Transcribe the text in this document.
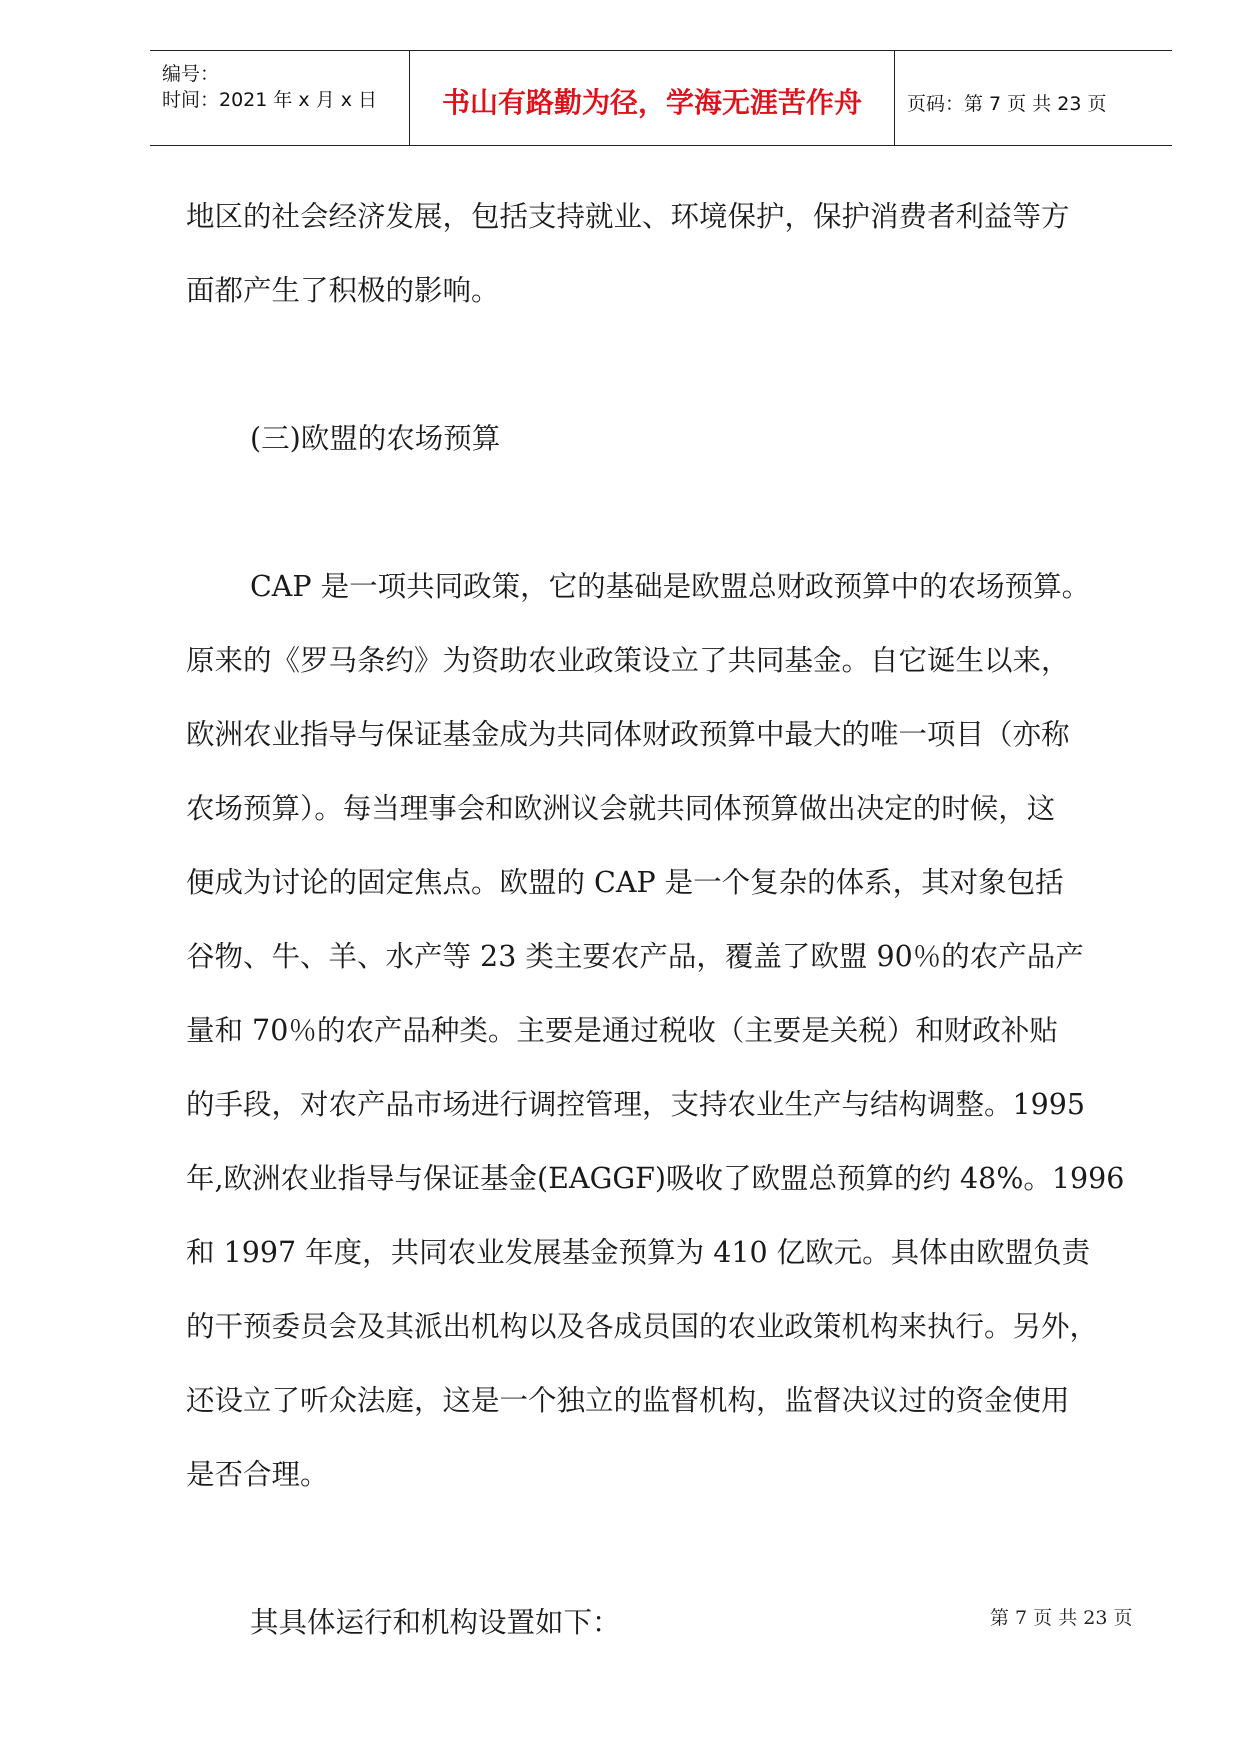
编号：
时间：2021 年 x 月 x 日	书山有路勤为径，学海无涯苦作舟	页码：第 7 页 共 23 页

地区的社会经济发展，包括支持就业、环境保护，保护消费者利益等方

面都产生了积极的影响。

(三)欧盟的农场预算

CAP 是一项共同政策，它的基础是欧盟总财政预算中的农场预算。

原来的《罗马条约》为资助农业政策设立了共同基金。自它诞生以来，

欧洲农业指导与保证基金成为共同体财政预算中最大的唯一项目（亦称

农场预算）。每当理事会和欧洲议会就共同体预算做出决定的时候，这

便成为讨论的固定焦点。欧盟的 CAP 是一个复杂的体系，其对象包括

谷物、牛、羊、水产等 23 类主要农产品，覆盖了欧盟 90％的农产品产

量和 70％的农产品种类。主要是通过税收（主要是关税）和财政补贴

的手段，对农产品市场进行调控管理，支持农业生产与结构调整。1995

年,欧洲农业指导与保证基金(EAGGF)吸收了欧盟总预算的约 48%。1996

和 1997 年度，共同农业发展基金预算为 410 亿欧元。具体由欧盟负责

的干预委员会及其派出机构以及各成员国的农业政策机构来执行。另外，

还设立了听众法庭，这是一个独立的监督机构，监督决议过的资金使用

是否合理。

其具体运行和机构设置如下：	第 7 页 共 23 页
